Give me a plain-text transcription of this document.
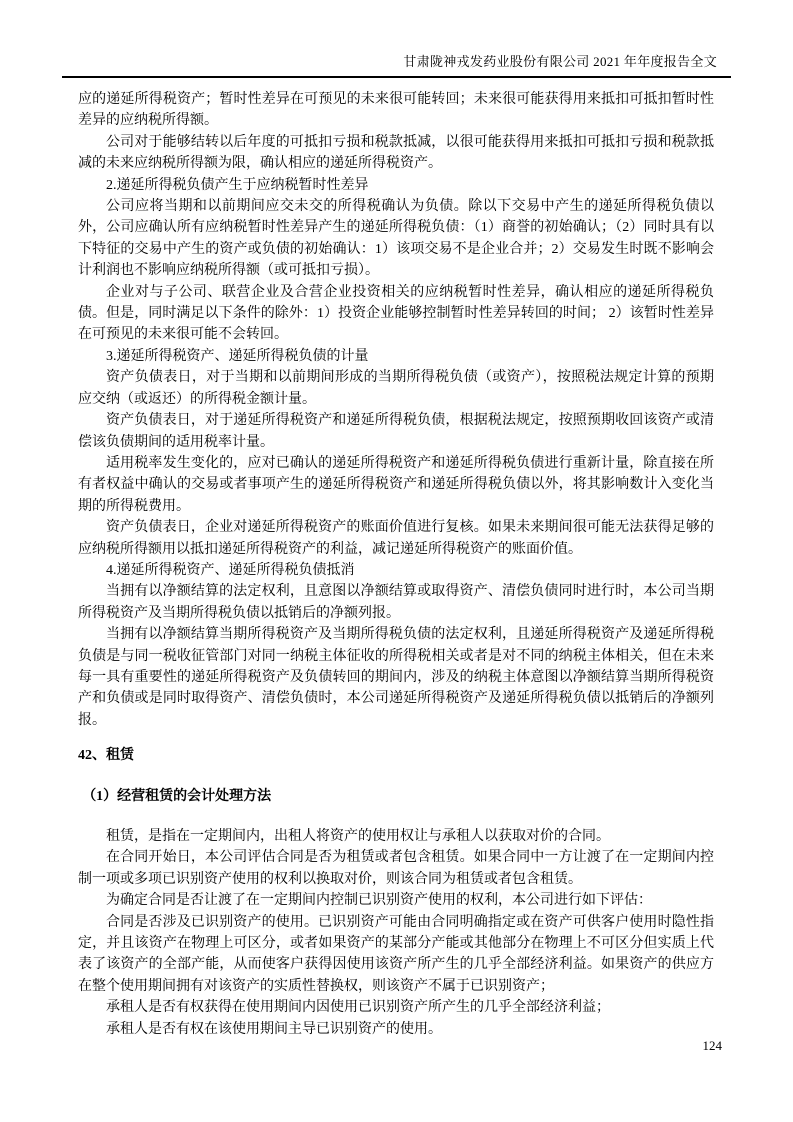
甘肃陇神戎发药业股份有限公司 2021 年年度报告全文

应的递延所得税资产；暂时性差异在可预见的未来很可能转回；未来很可能获得用来抵扣可抵扣暂时性差异的应纳税所得额。

公司对于能够结转以后年度的可抵扣亏损和税款抵减，以很可能获得用来抵扣可抵扣亏损和税款抵减的未来应纳税所得额为限，确认相应的递延所得税资产。

2.递延所得税负债产生于应纳税暂时性差异

公司应将当期和以前期间应交未交的所得税确认为负债。除以下交易中产生的递延所得税负债以外，公司应确认所有应纳税暂时性差异产生的递延所得税负债：（1）商誉的初始确认；（2）同时具有以下特征的交易中产生的资产或负债的初始确认：1）该项交易不是企业合并；2）交易发生时既不影响会计利润也不影响应纳税所得额（或可抵扣亏损）。

企业对与子公司、联营企业及合营企业投资相关的应纳税暂时性差异，确认相应的递延所得税负债。但是，同时满足以下条件的除外：1）投资企业能够控制暂时性差异转回的时间； 2）该暂时性差异在可预见的未来很可能不会转回。

3.递延所得税资产、递延所得税负债的计量

资产负债表日，对于当期和以前期间形成的当期所得税负债（或资产），按照税法规定计算的预期应交纳（或返还）的所得税金额计量。

资产负债表日，对于递延所得税资产和递延所得税负债，根据税法规定，按照预期收回该资产或清偿该负债期间的适用税率计量。

适用税率发生变化的，应对已确认的递延所得税资产和递延所得税负债进行重新计量，除直接在所有者权益中确认的交易或者事项产生的递延所得税资产和递延所得税负债以外，将其影响数计入变化当期的所得税费用。

资产负债表日，企业对递延所得税资产的账面价值进行复核。如果未来期间很可能无法获得足够的应纳税所得额用以抵扣递延所得税资产的利益，减记递延所得税资产的账面价值。

4.递延所得税资产、递延所得税负债抵消

当拥有以净额结算的法定权利，且意图以净额结算或取得资产、清偿负债同时进行时，本公司当期所得税资产及当期所得税负债以抵销后的净额列报。

当拥有以净额结算当期所得税资产及当期所得税负债的法定权利，且递延所得税资产及递延所得税负债是与同一税收征管部门对同一纳税主体征收的所得税相关或者是对不同的纳税主体相关，但在未来每一具有重要性的递延所得税资产及负债转回的期间内，涉及的纳税主体意图以净额结算当期所得税资产和负债或是同时取得资产、清偿负债时，本公司递延所得税资产及递延所得税负债以抵销后的净额列报。

42、租赁

（1）经营租赁的会计处理方法

租赁，是指在一定期间内，出租人将资产的使用权让与承租人以获取对价的合同。

在合同开始日，本公司评估合同是否为租赁或者包含租赁。如果合同中一方让渡了在一定期间内控制一项或多项已识别资产使用的权利以换取对价，则该合同为租赁或者包含租赁。

为确定合同是否让渡了在一定期间内控制已识别资产使用的权利，本公司进行如下评估：

合同是否涉及已识别资产的使用。已识别资产可能由合同明确指定或在资产可供客户使用时隐性指定，并且该资产在物理上可区分，或者如果资产的某部分产能或其他部分在物理上不可区分但实质上代表了该资产的全部产能，从而使客户获得因使用该资产所产生的几乎全部经济利益。如果资产的供应方在整个使用期间拥有对该资产的实质性替换权，则该资产不属于已识别资产；

承租人是否有权获得在使用期间内因使用已识别资产所产生的几乎全部经济利益；

承租人是否有权在该使用期间主导已识别资产的使用。

124
